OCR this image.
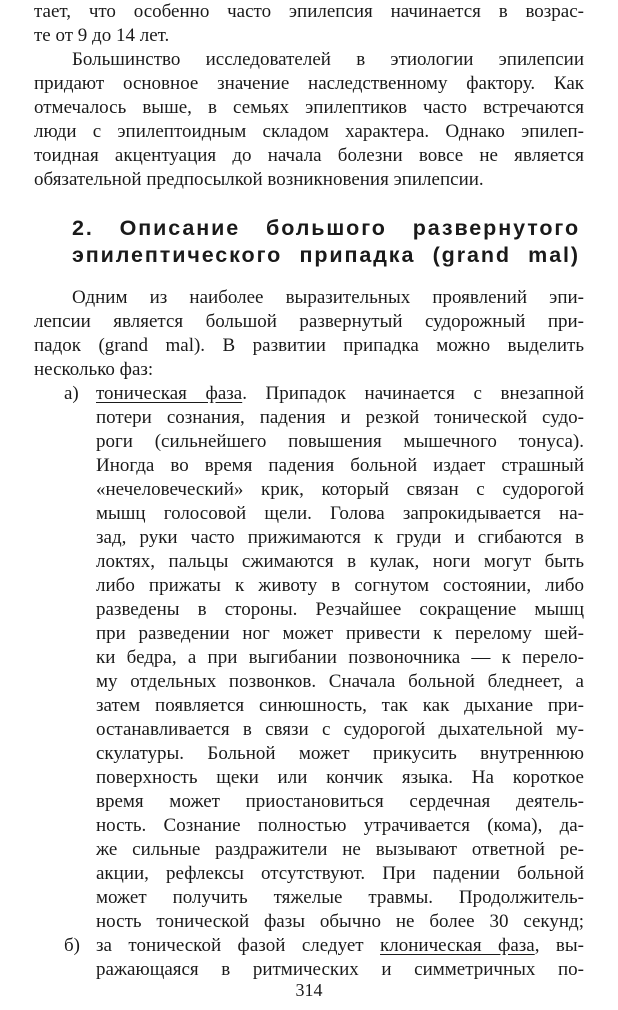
тает, что особенно часто эпилепсия начинается в возрас-
те от 9 до 14 лет.
Большинство исследователей в этиологии эпилепсии
придают основное значение наследственному фактору. Как
отмечалось выше, в семьях эпилептиков часто встречаются
люди с эпилептоидным складом характера. Однако эпилеп-
тоидная акцентуация до начала болезни вовсе не является
обязательной предпосылкой возникновения эпилепсии.
2. Описание большого развернутого
эпилептического припадка (grand mal)
Одним из наиболее выразительных проявлений эпи-
лепсии является большой развернутый судорожный при-
падок (grand mal). В развитии припадка можно выделить
несколько фаз:
а) тоническая фаза. Припадок начинается с внезапной
потери сознания, падения и резкой тонической судо-
роги (сильнейшего повышения мышечного тонуса).
Иногда во время падения больной издает страшный
«нечеловеческий» крик, который связан с судорогой
мышц голосовой щели. Голова запрокидывается на-
зад, руки часто прижимаются к груди и сгибаются в
локтях, пальцы сжимаются в кулак, ноги могут быть
либо прижаты к животу в согнутом состоянии, либо
разведены в стороны. Резчайшее сокращение мышц
при разведении ног может привести к перелому шей-
ки бедра, а при выгибании позвоночника — к перело-
му отдельных позвонков. Сначала больной бледнеет, а
затем появляется синюшность, так как дыхание при-
останавливается в связи с судорогой дыхательной му-
скулатуры. Больной может прикусить внутреннюю
поверхность щеки или кончик языка. На короткое
время может приостановиться сердечная деятель-
ность. Сознание полностью утрачивается (кома), да-
же сильные раздражители не вызывают ответной ре-
акции, рефлексы отсутствуют. При падении больной
может получить тяжелые травмы. Продолжитель-
ность тонической фазы обычно не более 30 секунд;
б) за тонической фазой следует клоническая фаза, вы-
ражающаяся в ритмических и симметричных по-
314
